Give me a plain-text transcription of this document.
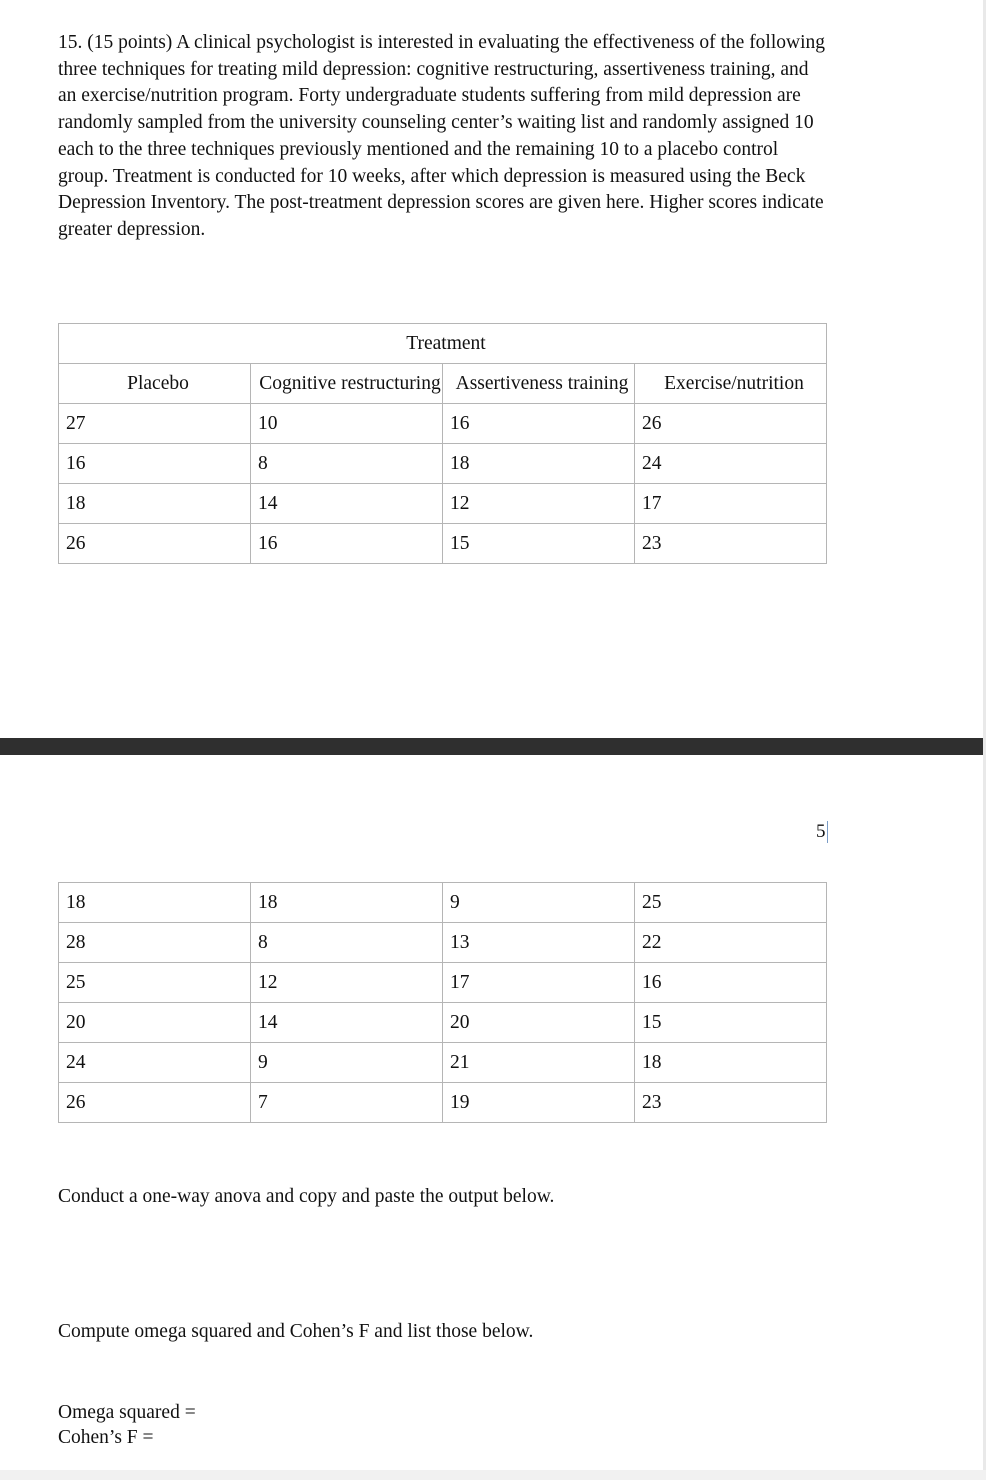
15. (15 points) A clinical psychologist is interested in evaluating the effectiveness of the following three techniques for treating mild depression: cognitive restructuring, assertiveness training, and an exercise/nutrition program. Forty undergraduate students suffering from mild depression are randomly sampled from the university counseling center’s waiting list and randomly assigned 10 each to the three techniques previously mentioned and the remaining 10 to a placebo control group. Treatment is conducted for 10 weeks, after which depression is measured using the Beck Depression Inventory. The post-treatment depression scores are given here. Higher scores indicate greater depression.

Treatment			
Placebo	Cognitive restructuring	Assertiveness training	Exercise/nutrition
27	10	16	26
16	8	18	24
18	14	12	17
26	16	15	23
5
18	18	9	25
28	8	13	22
25	12	17	16
20	14	20	15
24	9	21	18
26	7	19	23

Conduct a one-way anova and copy and paste the output below.

Compute omega squared and Cohen’s F and list those below.

Omega squared =
Cohen’s F =
